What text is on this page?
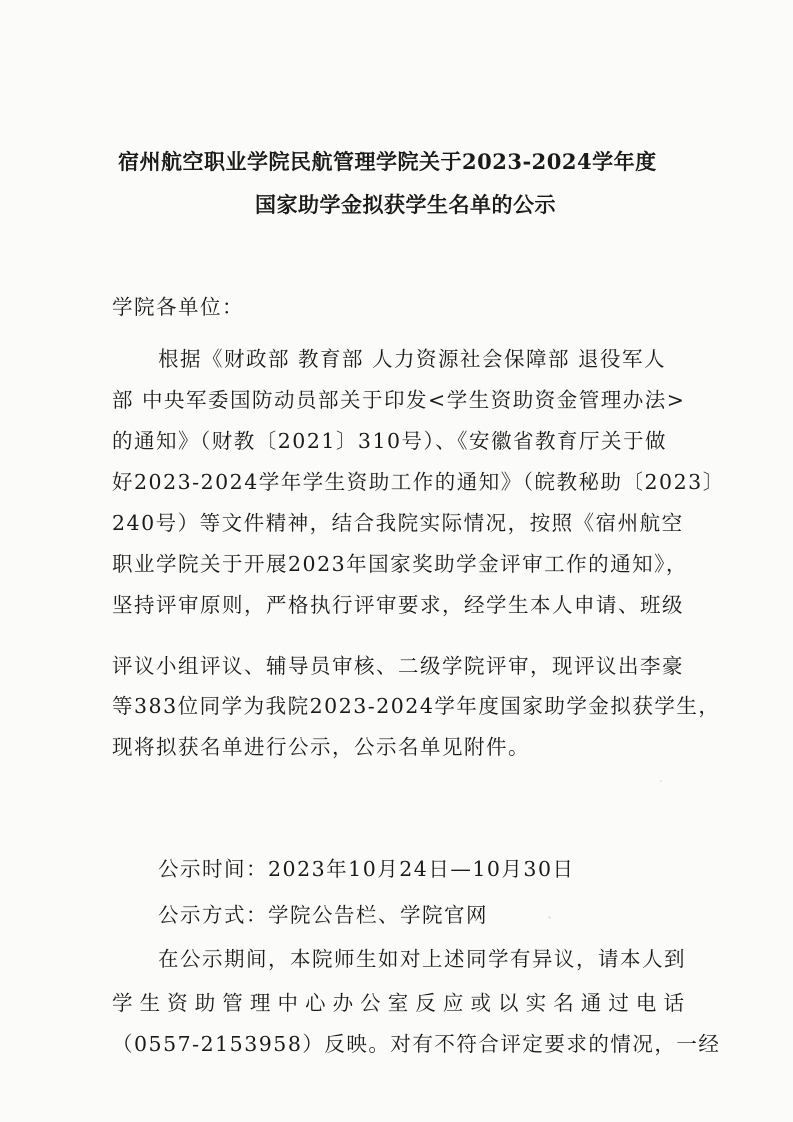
宿州航空职业学院民航管理学院关于2023-2024学年度
国家助学金拟获学生名单的公示
学院各单位：
根据《财政部 教育部 人力资源社会保障部 退役军人
部 中央军委国防动员部关于印发<学生资助资金管理办法>
的通知》（财教〔2021〕310号）、《安徽省教育厅关于做
好2023-2024学年学生资助工作的通知》（皖教秘助〔2023〕
240号）等文件精神，结合我院实际情况，按照《宿州航空
职业学院关于开展2023年国家奖助学金评审工作的通知》，
坚持评审原则，严格执行评审要求，经学生本人申请、班级
评议小组评议、辅导员审核、二级学院评审，现评议出李豪
等383位同学为我院2023-2024学年度国家助学金拟获学生，
现将拟获名单进行公示，公示名单见附件。
公示时间：2023年10月24日—10月30日
公示方式：学院公告栏、学院官网
在公示期间，本院师生如对上述同学有异议，请本人到
学生资助管理中心办公室反应或以实名通过电话
（0557-2153958）反映。对有不符合评定要求的情况，一经
